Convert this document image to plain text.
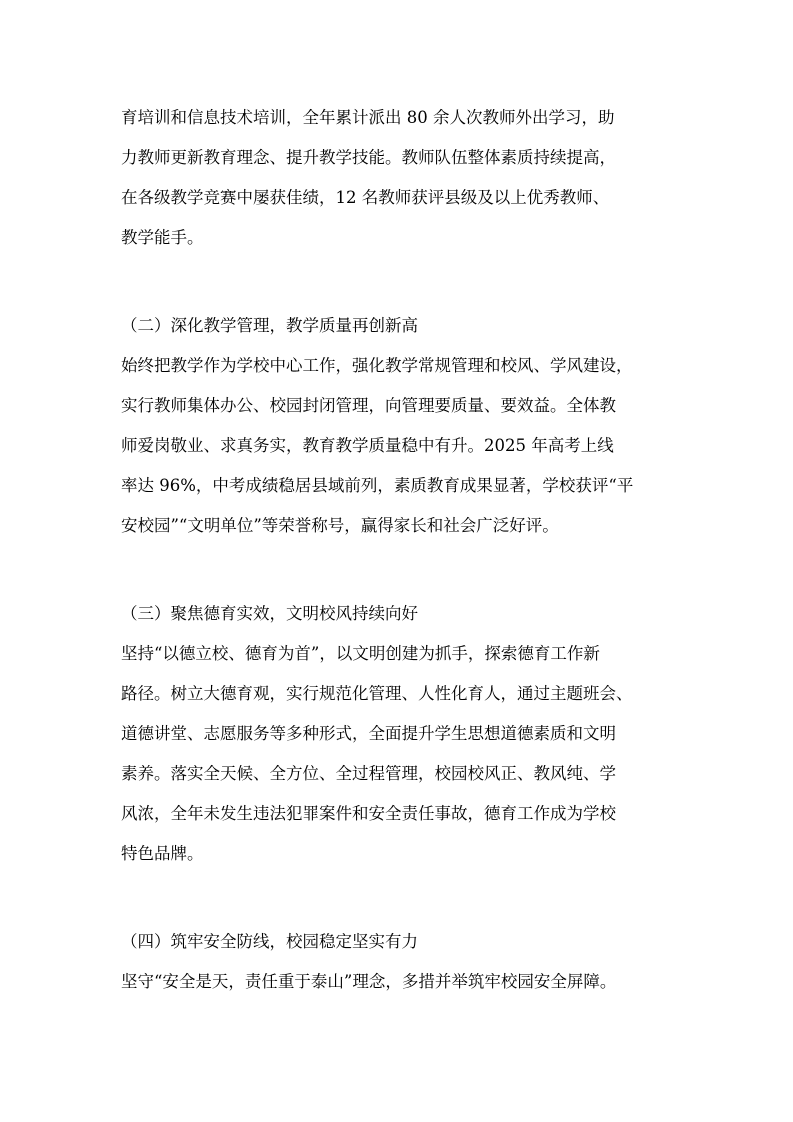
育培训和信息技术培训，全年累计派出 80 余人次教师外出学习，助
力教师更新教育理念、提升教学技能。教师队伍整体素质持续提高，
在各级教学竞赛中屡获佳绩，12 名教师获评县级及以上优秀教师、
教学能手。
（二）深化教学管理，教学质量再创新高
始终把教学作为学校中心工作，强化教学常规管理和校风、学风建设，
实行教师集体办公、校园封闭管理，向管理要质量、要效益。全体教
师爱岗敬业、求真务实，教育教学质量稳中有升。2025 年高考上线
率达 96%，中考成绩稳居县域前列，素质教育成果显著，学校获评“平
安校园”“文明单位”等荣誉称号，赢得家长和社会广泛好评。
（三）聚焦德育实效，文明校风持续向好
坚持“以德立校、德育为首”，以文明创建为抓手，探索德育工作新
路径。树立大德育观，实行规范化管理、人性化育人，通过主题班会、
道德讲堂、志愿服务等多种形式，全面提升学生思想道德素质和文明
素养。落实全天候、全方位、全过程管理，校园校风正、教风纯、学
风浓，全年未发生违法犯罪案件和安全责任事故，德育工作成为学校
特色品牌。
（四）筑牢安全防线，校园稳定坚实有力
坚守“安全是天，责任重于泰山”理念，多措并举筑牢校园安全屏障。
